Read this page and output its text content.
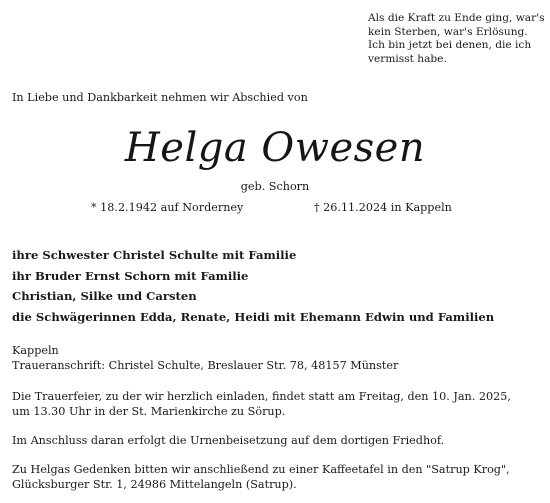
Als die Kraft zu Ende ging, war's
kein Sterben, war's Erlösung.
Ich bin jetzt bei denen, die ich
vermisst habe.
In Liebe und Dankbarkeit nehmen wir Abschied von
Helga Owesen
geb. Schorn
* 18.2.1942 auf Norderney	† 26.11.2024 in Kappeln
ihre Schwester Christel Schulte mit Familie
ihr Bruder Ernst Schorn mit Familie
Christian, Silke und Carsten
die Schwägerinnen Edda, Renate, Heidi mit Ehemann Edwin und Familien
Kappeln
Traueranschrift: Christel Schulte, Breslauer Str. 78, 48157 Münster
Die Trauerfeier, zu der wir herzlich einladen, findet statt am Freitag, den 10. Jan. 2025,
um 13.30 Uhr in der St. Marienkirche zu Sörup.
Im Anschluss daran erfolgt die Urnenbeisetzung auf dem dortigen Friedhof.
Zu Helgas Gedenken bitten wir anschließend zu einer Kaffeetafel in den "Satrup Krog",
Glücksburger Str. 1, 24986 Mittelangeln (Satrup).
